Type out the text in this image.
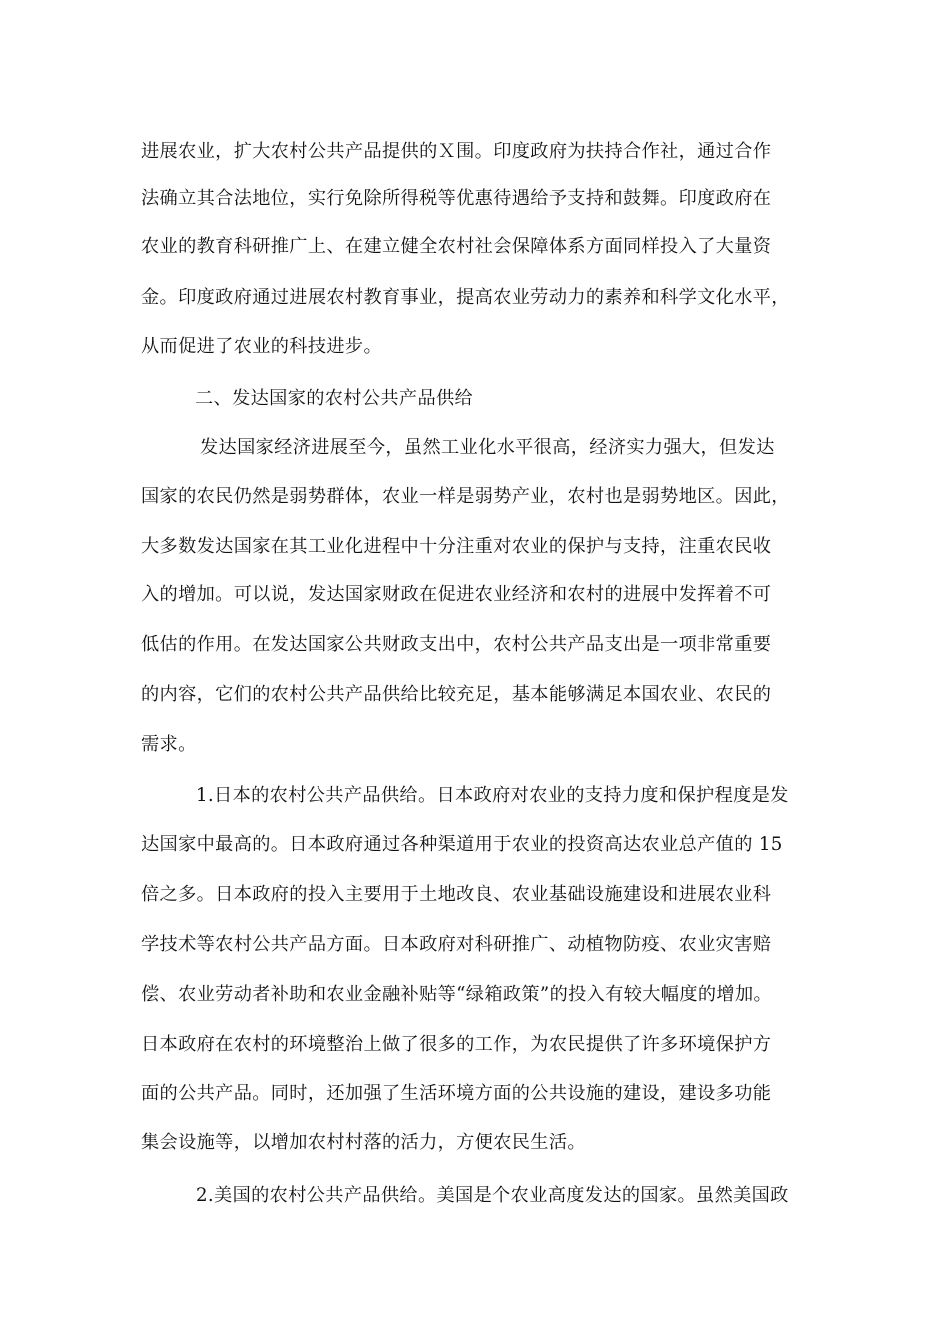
进展农业，扩大农村公共产品提供的Ｘ围。印度政府为扶持合作社，通过合作
法确立其合法地位，实行免除所得税等优惠待遇给予支持和鼓舞。印度政府在
农业的教育科研推广上、在建立健全农村社会保障体系方面同样投入了大量资
金。印度政府通过进展农村教育事业，提高农业劳动力的素养和科学文化水平，
从而促进了农业的科技进步。
二、发达国家的农村公共产品供给
发达国家经济进展至今，虽然工业化水平很高，经济实力强大，但发达
国家的农民仍然是弱势群体，农业一样是弱势产业，农村也是弱势地区。因此，
大多数发达国家在其工业化进程中十分注重对农业的保护与支持，注重农民收
入的增加。可以说，发达国家财政在促进农业经济和农村的进展中发挥着不可
低估的作用。在发达国家公共财政支出中，农村公共产品支出是一项非常重要
的内容，它们的农村公共产品供给比较充足，基本能够满足本国农业、农民的
需求。
1.日本的农村公共产品供给。日本政府对农业的支持力度和保护程度是发
达国家中最高的。日本政府通过各种渠道用于农业的投资高达农业总产值的 15
倍之多。日本政府的投入主要用于土地改良、农业基础设施建设和进展农业科
学技术等农村公共产品方面。日本政府对科研推广、动植物防疫、农业灾害赔
偿、农业劳动者补助和农业金融补贴等“绿箱政策”的投入有较大幅度的增加。
日本政府在农村的环境整治上做了很多的工作，为农民提供了许多环境保护方
面的公共产品。同时，还加强了生活环境方面的公共设施的建设，建设多功能
集会设施等，以增加农村村落的活力，方便农民生活。
2.美国的农村公共产品供给。美国是个农业高度发达的国家。虽然美国政
